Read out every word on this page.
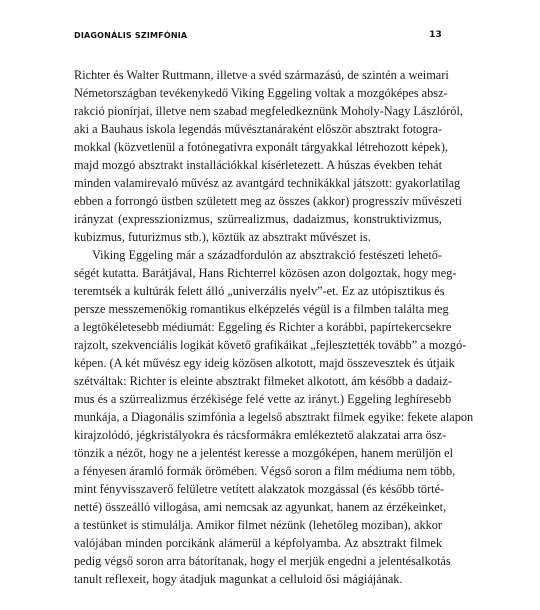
DIAGONÁLIS SZIMFÓNIA	13

Richter és Walter Ruttmann, illetve a svéd származású, de szintén a weimari
Németországban tevékenykedő Viking Eggeling voltak a mozgóképes absz-
rakció pionírjai, illetve nem szabad megfeledkeznünk Moholy-Nagy Lászlóról,
aki a Bauhaus iskola legendás művésztanáraként először absztrakt fotogra-
mokkal (közvetlenül a fotónegatívra exponált tárgyakkal létrehozott képek),
majd mozgó absztrakt installációkkal kísérletezett. A húszas években tehát
minden valamirevaló művész az avantgárd technikákkal játszott: gyakorlatilag
ebben a forrongó üstben született meg az összes (akkor) progresszív művészeti
irányzat (expresszionizmus, szürrealizmus, dadaizmus, konstruktivizmus,
kubizmus, futurizmus stb.), köztük az absztrakt művészet is.

Viking Eggeling már a századfordulón az absztrakció festészeti lehető-
ségét kutatta. Barátjával, Hans Richterrel közösen azon dolgoztak, hogy meg-
teremtsék a kultúrák felett álló „univerzális nyelv”-et. Ez az utópisztikus és
persze messzemenőkig romantikus elképzelés végül is a filmben találta meg
a legtökéletesebb médiumát: Eggeling és Richter a korábbi, papírtekercsekre
rajzolt, szekvenciális logikát követő grafikáikat „fejlesztették tovább” a mozgó-
képen. (A két művész egy ideig közösen alkotott, majd összevesztek és útjaik
szétváltak: Richter is eleinte absztrakt filmeket alkotott, ám később a dadaiz-
mus és a szürrealizmus érzékisége felé vette az irányt.) Eggeling leghíresebb
munkája, a Diagonális szimfónia a legelső absztrakt filmek egyike: fekete alapon
kirajzolódó, jégkristályokra és rácsformákra emlékeztető alakzatai arra ösz-
tönzik a nézőt, hogy ne a jelentést keresse a mozgóképen, hanem merüljön el
a fényesen áramló formák örömében. Végső soron a film médiuma nem több,
mint fényvisszaverő felületre vetített alakzatok mozgással (és később törté-
netté) összeálló villogása, ami nemcsak az agyunkat, hanem az érzékeinket,
a testünket is stimulálja. Amikor filmet nézünk (lehetőleg moziban), akkor
valójában minden porcikánk alámerül a képfolyamba. Az absztrakt filmek
pedig végső soron arra bátorítanak, hogy el merjük engedni a jelentésalkotás
tanult reflexeit, hogy átadjuk magunkat a celluloid ősi mágiájának.
